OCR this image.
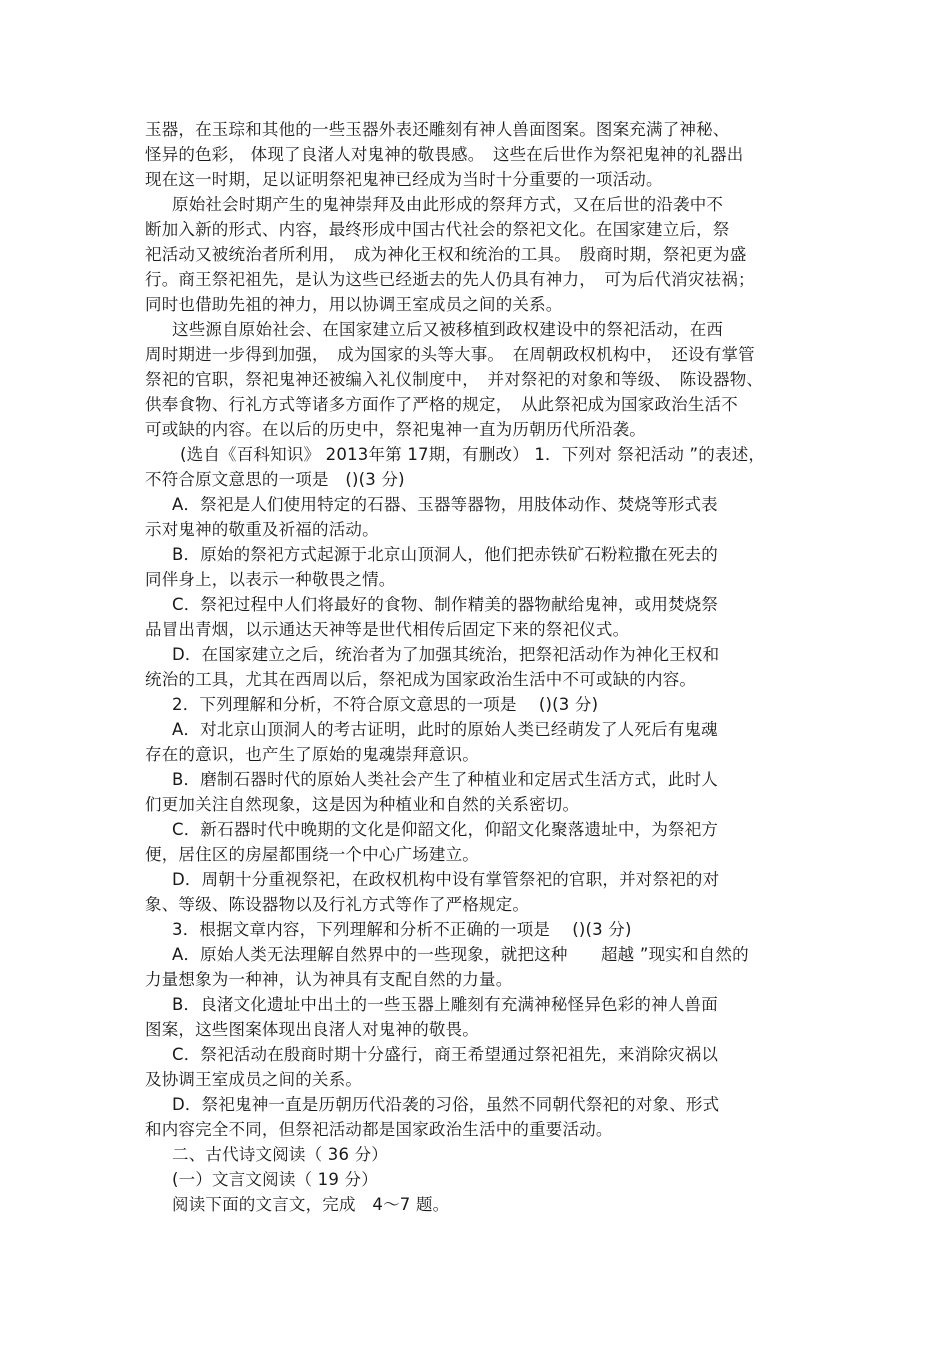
玉器，在玉琮和其他的一些玉器外表还雕刻有神人兽面图案。图案充满了神秘、
怪异的色彩， 体现了良渚人对鬼神的敬畏感。　这些在后世作为祭祀鬼神的礼器出
现在这一时期，足以证明祭祀鬼神已经成为当时十分重要的一项活动。
原始社会时期产生的鬼神崇拜及由此形成的祭拜方式，又在后世的沿袭中不
断加入新的形式、内容，最终形成中国古代社会的祭祀文化。在国家建立后，祭
祀活动又被统治者所利用，　成为神化王权和统治的工具。　殷商时期，祭祀更为盛
行。商王祭祀祖先，是认为这些已经逝去的先人仍具有神力，　可为后代消灾祛祸；
同时也借助先祖的神力，用以协调王室成员之间的关系。
这些源自原始社会、在国家建立后又被移植到政权建设中的祭祀活动，在西
周时期进一步得到加强，　成为国家的头等大事。　在周朝政权机构中，　还设有掌管
祭祀的官职，祭祀鬼神还被编入礼仪制度中，　并对祭祀的对象和等级、　陈设器物、
供奉食物、行礼方式等诸多方面作了严格的规定，　从此祭祀成为国家政治生活不
可或缺的内容。在以后的历史中，祭祀鬼神一直为历朝历代所沿袭。
(选自《百科知识》 2013年第 17期，有删改） 1．下列对 祭祀活动 ”的表述，
不符合原文意思的一项是　()(3 分)
A．祭祀是人们使用特定的石器、玉器等器物，用肢体动作、焚烧等形式表
示对鬼神的敬重及祈福的活动。
B．原始的祭祀方式起源于北京山顶洞人，他们把赤铁矿石粉粒撒在死去的
同伴身上，以表示一种敬畏之情。
C．祭祀过程中人们将最好的食物、制作精美的器物献给鬼神，或用焚烧祭
品冒出青烟，以示通达天神等是世代相传后固定下来的祭祀仪式。
D．在国家建立之后，统治者为了加强其统治，把祭祀活动作为神化王权和
统治的工具，尤其在西周以后，祭祀成为国家政治生活中不可或缺的内容。
2．下列理解和分析，不符合原文意思的一项是　 ()(3 分)
A．对北京山顶洞人的考古证明，此时的原始人类已经萌发了人死后有鬼魂
存在的意识，也产生了原始的鬼魂崇拜意识。
B．磨制石器时代的原始人类社会产生了种植业和定居式生活方式，此时人
们更加关注自然现象，这是因为种植业和自然的关系密切。
C．新石器时代中晚期的文化是仰韶文化，仰韶文化聚落遗址中，为祭祀方
便，居住区的房屋都围绕一个中心广场建立。
D．周朝十分重视祭祀，在政权机构中设有掌管祭祀的官职，并对祭祀的对
象、等级、陈设器物以及行礼方式等作了严格规定。
3．根据文章内容，下列理解和分析不正确的一项是　 ()(3 分)
A．原始人类无法理解自然界中的一些现象，就把这种　　超越 ”现实和自然的
力量想象为一种神，认为神具有支配自然的力量。
B．良渚文化遗址中出土的一些玉器上雕刻有充满神秘怪异色彩的神人兽面
图案，这些图案体现出良渚人对鬼神的敬畏。
C．祭祀活动在殷商时期十分盛行，商王希望通过祭祀祖先，来消除灾祸以
及协调王室成员之间的关系。
D．祭祀鬼神一直是历朝历代沿袭的习俗，虽然不同朝代祭祀的对象、形式
和内容完全不同，但祭祀活动都是国家政治生活中的重要活动。
二、古代诗文阅读（ 36 分）
(一）文言文阅读（ 19 分）
阅读下面的文言文，完成　4～7 题。
